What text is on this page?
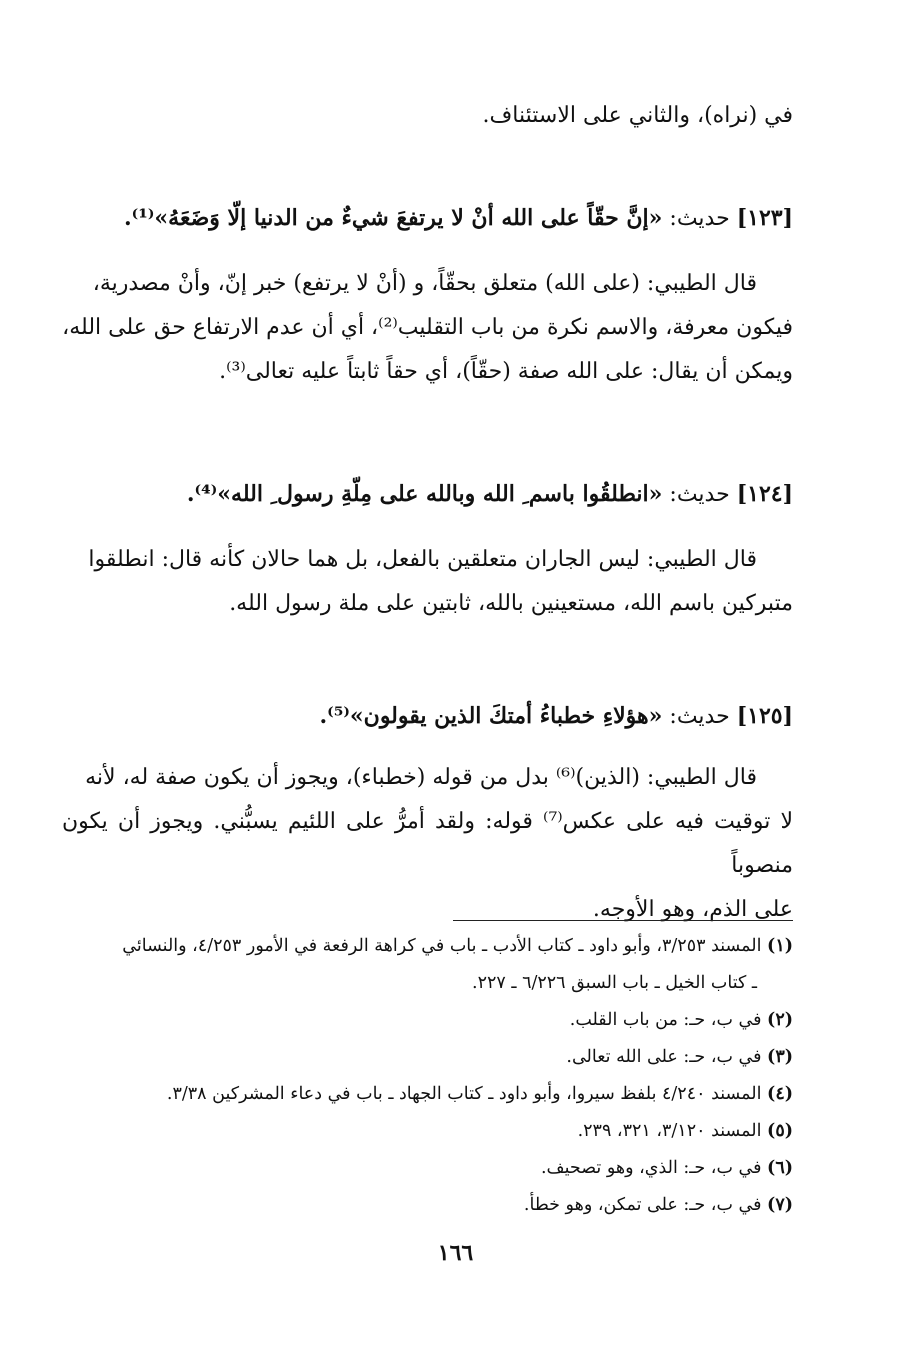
في (نراه)، والثاني على الاستئناف.

[١٢٣] حديث: «إنَّ حقّاً على الله أنْ لا يرتفعَ شيءٌ من الدنيا إلّا وَضَعَهُ»⁽¹⁾.

قال الطيبي: (على الله) متعلق بحقّاً، و (أنْ لا يرتفع) خبر إنّ، وأنْ مصدرية،

فيكون معرفة، والاسم نكرة من باب التقليب⁽²⁾، أي أن عدم الارتفاع حق على الله،

ويمكن أن يقال: على الله صفة (حقّاً)، أي حقاً ثابتاً عليه تعالى⁽³⁾.

[١٢٤] حديث: «انطلقُوا باسم ِ الله وبالله على مِلّةِ رسول ِ الله»⁽⁴⁾.

قال الطيبي: ليس الجاران متعلقين بالفعل، بل هما حالان كأنه قال: انطلقوا

متبركين باسم الله، مستعينين بالله، ثابتين على ملة رسول الله.

[١٢٥] حديث: «هؤلاءِ خطباءُ أمتكَ الذين يقولون»⁽⁵⁾.

قال الطيبي: (الذين)⁽⁶⁾ بدل من قوله (خطباء)، ويجوز أن يكون صفة له، لأنه

لا توقيت فيه على عكس⁽⁷⁾ قوله: ولقد أمرُّ على اللئيم يسبُّني. ويجوز أن يكون منصوباً

على الذم، وهو الأوجه.

(١) المسند ٣/٢٥٣، وأبو داود ـ كتاب الأدب ـ باب في كراهة الرفعة في الأمور ٤/٢٥٣، والنسائي

ـ كتاب الخيل ـ باب السبق ٦/٢٢٦ ـ ٢٢٧.

(٢) في ب، حـ: من باب القلب.

(٣) في ب، حـ: على الله تعالى.

(٤) المسند ٤/٢٤٠ بلفظ سيروا، وأبو داود ـ كتاب الجهاد ـ باب في دعاء المشركين ٣/٣٨.

(٥) المسند ٣/١٢٠، ٣٢١، ٢٣٩.

(٦) في ب، حـ: الذي، وهو تصحيف.

(٧) في ب، حـ: على تمكن، وهو خطأ.

١٦٦
